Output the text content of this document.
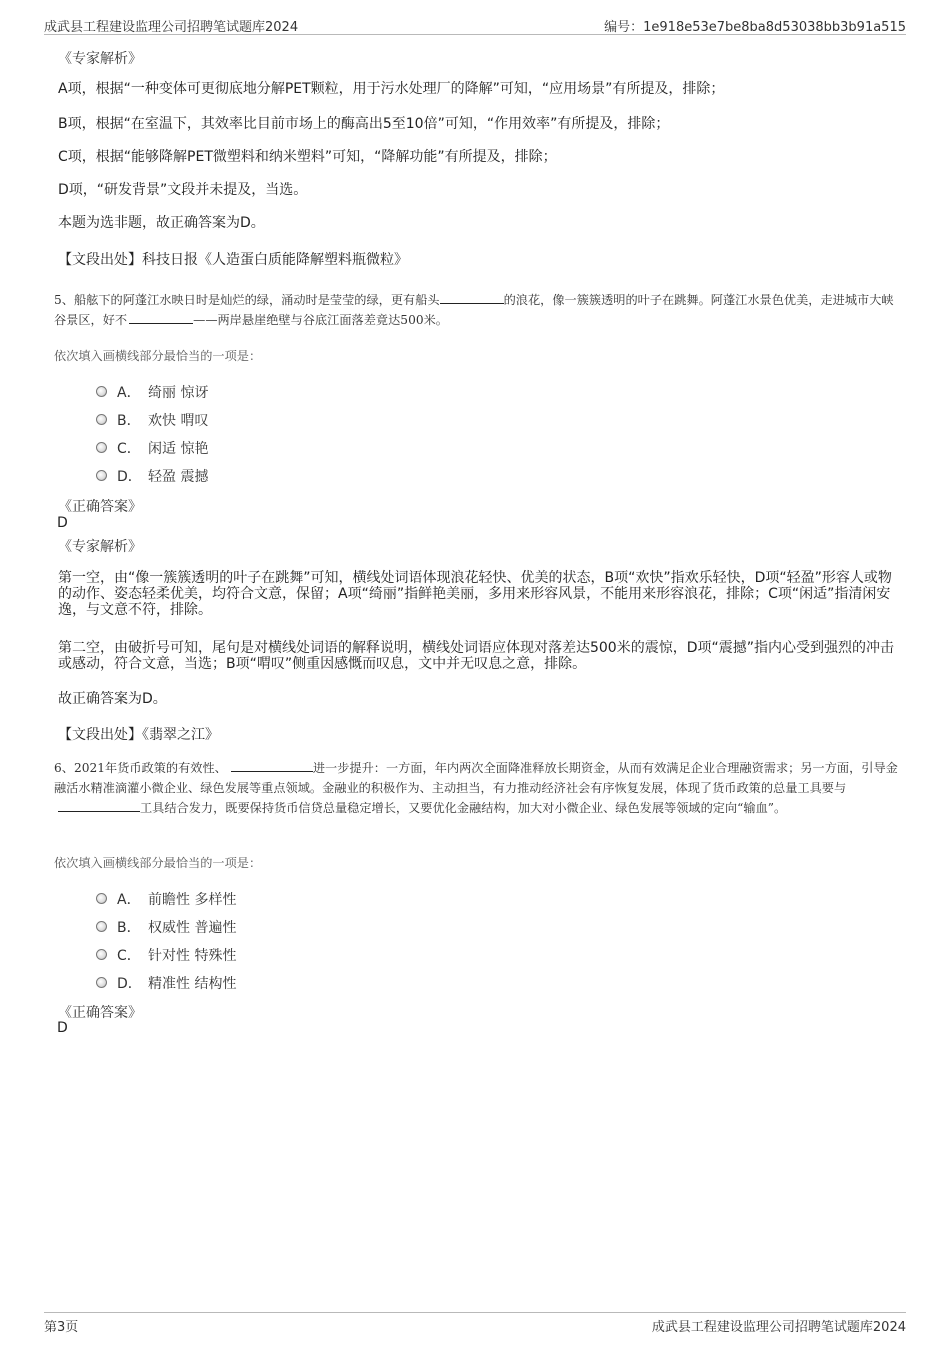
成武县工程建设监理公司招聘笔试题库2024	编号：1e918e53e7be8ba8d53038bb3b91a515
《专家解析》
A项，根据“一种变体可更彻底地分解PET颗粒，用于污水处理厂的降解”可知，“应用场景”有所提及，排除；
B项，根据“在室温下，其效率比目前市场上的酶高出5至10倍”可知，“作用效率”有所提及，排除；
C项，根据“能够降解PET微塑料和纳米塑料”可知，“降解功能”有所提及，排除；
D项，“研发背景”文段并未提及，当选。
本题为选非题，故正确答案为D。
【文段出处】科技日报《人造蛋白质能降解塑料瓶微粒》
5、船舷下的阿蓬江水映日时是灿烂的绿，涌动时是莹莹的绿，更有船头	的浪花，像一簇簇透明的叶子在跳舞。阿蓬江水景色优美，走进城市大峡谷景区，好不	——两岸悬崖绝壁与谷底江面落差竟达500米。
依次填入画横线部分最恰当的一项是：
A． 绮丽 惊讶
B． 欢快 喟叹
C． 闲适 惊艳
D． 轻盈 震撼
《正确答案》
D
《专家解析》
第一空，由“像一簇簇透明的叶子在跳舞”可知，横线处词语体现浪花轻快、优美的状态，B项“欢快”指欢乐轻快，D项“轻盈”形容人或物的动作、姿态轻柔优美，均符合文意，保留；A项“绮丽”指鲜艳美丽，多用来形容风景，不能用来形容浪花，排除；C项“闲适”指清闲安逸，与文意不符，排除。
第二空，由破折号可知，尾句是对横线处词语的解释说明，横线处词语应体现对落差达500米的震惊，D项“震撼”指内心受到强烈的冲击或感动，符合文意，当选；B项“喟叹”侧重因感慨而叹息，文中并无叹息之意，排除。
故正确答案为D。
【文段出处】《翡翠之江》
6、2021年货币政策的有效性、	进一步提升：一方面，年内两次全面降准释放长期资金，从而有效满足企业合理融资需求；另一方面，引导金融活水精准滴灌小微企业、绿色发展等重点领域。金融业的积极作为、主动担当，有力推动经济社会有序恢复发展，体现了货币政策的总量工具要与工具结合发力，既要保持货币信贷总量稳定增长，又要优化金融结构，加大对小微企业、绿色发展等领域的定向“输血”。
依次填入画横线部分最恰当的一项是：
A． 前瞻性 多样性
B． 权威性 普遍性
C． 针对性 特殊性
D． 精准性 结构性
《正确答案》
D
第3页	成武县工程建设监理公司招聘笔试题库2024
